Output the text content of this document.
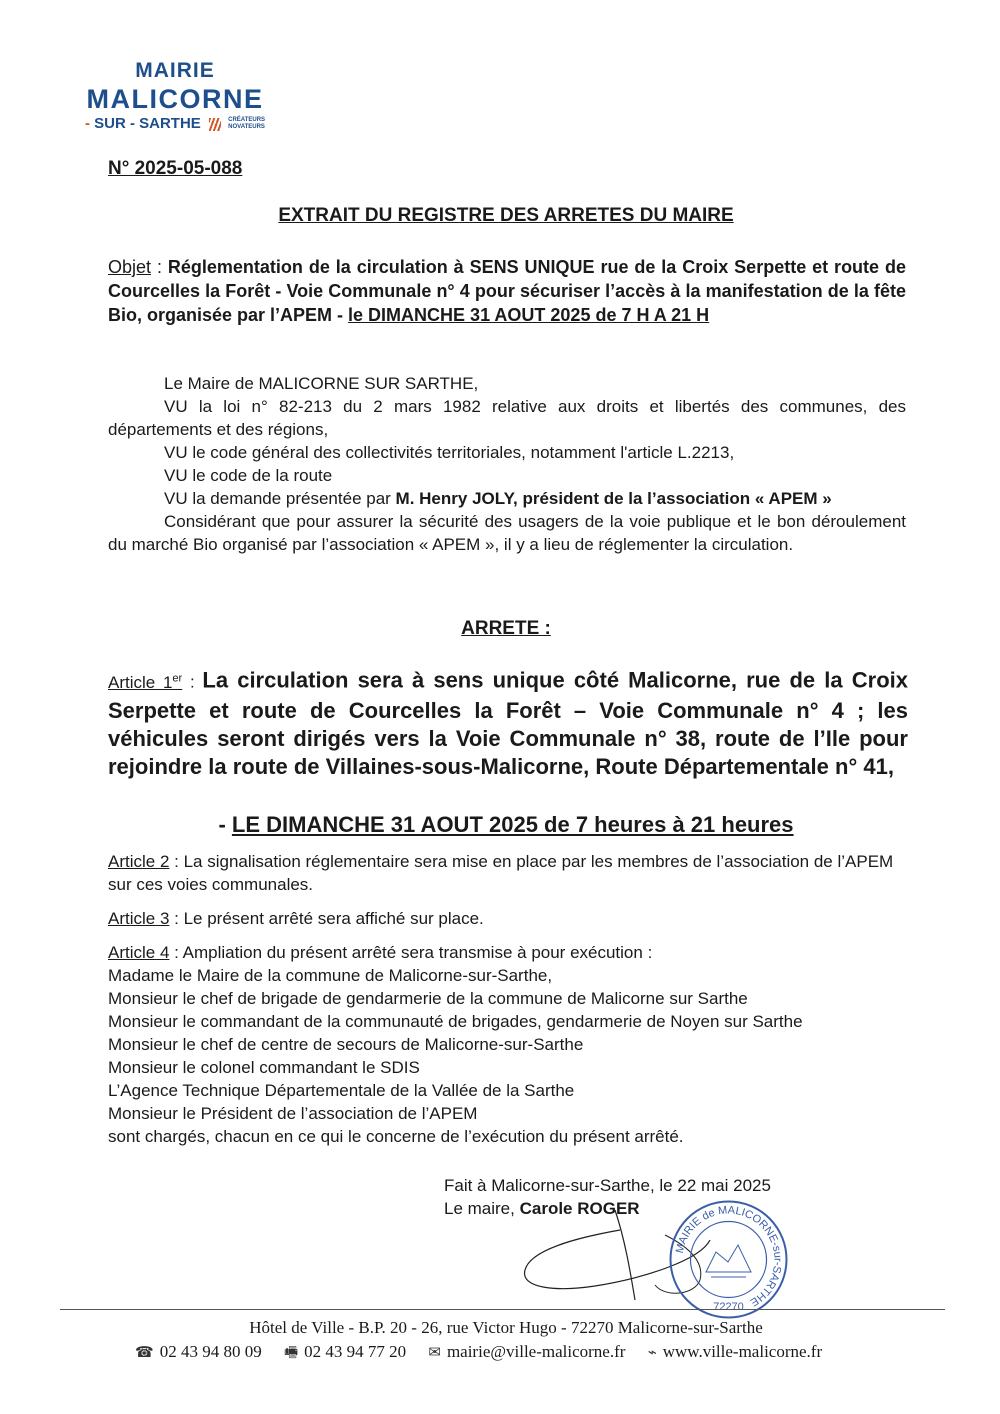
MAIRIE
MALICORNE
- SUR - SARTHE	CRÉATEURS
NOVATEURS
N° 2025-05-088
EXTRAIT DU REGISTRE DES ARRETES DU MAIRE
Objet : Réglementation de la circulation à SENS UNIQUE rue de la Croix Serpette et route de Courcelles la Forêt - Voie Communale n° 4 pour sécuriser l’accès à la manifestation de la fête Bio, organisée par l’APEM - le DIMANCHE 31 AOUT 2025 de 7 H A 21 H

Le Maire de MALICORNE SUR SARTHE,

VU la loi n° 82-213 du 2 mars 1982 relative aux droits et libertés des communes, des départements et des régions,

VU le code général des collectivités territoriales, notamment l'article L.2213,

VU le code de la route

VU la demande présentée par M. Henry JOLY, président de la l’association « APEM »

Considérant que pour assurer la sécurité des usagers de la voie publique et le bon déroulement du marché Bio organisé par l’association « APEM », il y a lieu de réglementer la circulation.

ARRETE :
Article 1er : La circulation sera à sens unique côté Malicorne, rue de la Croix Serpette et route de Courcelles la Forêt – Voie Communale n° 4 ; les véhicules seront dirigés vers la Voie Communale n° 38, route de l’Ile pour rejoindre la route de Villaines-sous-Malicorne, Route Départementale n° 41,
- LE DIMANCHE 31 AOUT 2025 de 7 heures à 21 heures

Article 2 : La signalisation réglementaire sera mise en place par les membres de l’association de l’APEM sur ces voies communales.

Article 3 : Le présent arrêté sera affiché sur place.

Article 4 : Ampliation du présent arrêté sera transmise à pour exécution :

Madame le Maire de la commune de Malicorne-sur-Sarthe,

Monsieur le chef de brigade de gendarmerie de la commune de Malicorne sur Sarthe

Monsieur le commandant de la communauté de brigades, gendarmerie de Noyen sur Sarthe

Monsieur le chef de centre de secours de Malicorne-sur-Sarthe

Monsieur le colonel commandant le SDIS

L’Agence Technique Départementale de la Vallée de la Sarthe

Monsieur le Président de l’association de l’APEM

sont chargés, chacun en ce qui le concerne de l’exécution du présent arrêté.

Fait à Malicorne-sur-Sarthe, le 22 mai 2025
Le maire, Carole ROGER
MAIRIE de MALICORNE-sur-SARTHE
72270
Hôtel de Ville - B.P. 20 - 26, rue Victor Hugo - 72270 Malicorne-sur-Sarthe
☎ 02 43 94 80 09 🖷 02 43 94 77 20 ✉ mairie@ville-malicorne.fr ⌁ www.ville-malicorne.fr
